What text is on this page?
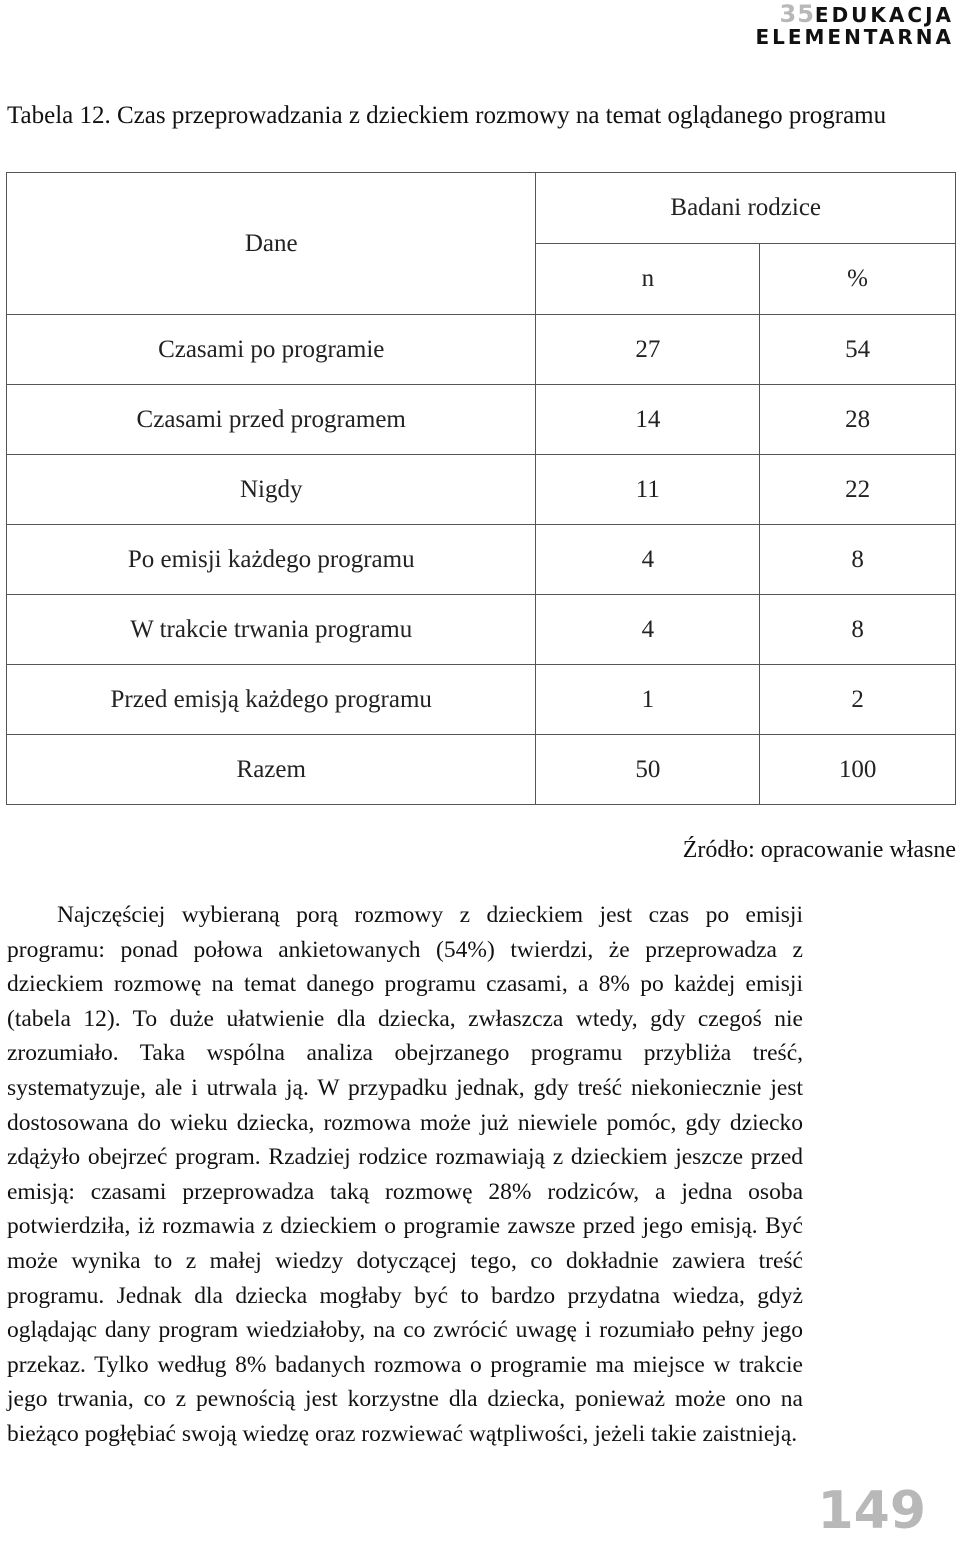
35EDUKACJA
ELEMENTARNA
Tabela 12. Czas przeprowadzania z dzieckiem rozmowy na temat oglądanego programu
Dane	Badani rodzice	
	n	%
Czasami po programie	27	54
Czasami przed programem	14	28
Nigdy	11	22
Po emisji każdego programu	4	8
W trakcie trwania programu	4	8
Przed emisją każdego programu	1	2
Razem	50	100
Źródło: opracowanie własne

Najczęściej wybieraną porą rozmowy z dzieckiem jest czas po emisji programu: ponad połowa ankietowanych (54%) twierdzi, że przeprowadza z dzieckiem rozmowę na temat danego programu czasami, a 8% po każdej emisji (tabela 12). To duże ułatwienie dla dziecka, zwłaszcza wtedy, gdy czegoś nie zrozumiało. Taka wspólna analiza obejrzanego programu przybliża treść, systematyzuje, ale i utrwala ją. W przypadku jednak, gdy treść niekoniecznie jest dostosowana do wieku dziecka, rozmowa może już niewiele pomóc, gdy dziecko zdążyło obejrzeć program. Rzadziej rodzice rozmawiają z dzieckiem jeszcze przed emisją: czasami przeprowadza taką rozmowę 28% rodziców, a jedna osoba potwierdziła, iż rozmawia z dzieckiem o programie zawsze przed jego emisją. Być może wynika to z małej wiedzy dotyczącej tego, co dokładnie zawiera treść programu. Jednak dla dziecka mogłaby być to bardzo przydatna wiedza, gdyż oglądając dany program wiedziałoby, na co zwrócić uwagę i rozumiało pełny jego przekaz. Tylko według 8% badanych rozmowa o programie ma miejsce w trakcie jego trwania, co z pewnością jest korzystne dla dziecka, ponieważ może ono na bieżąco pogłębiać swoją wiedzę oraz rozwiewać wątpliwości, jeżeli takie zaistnieją.

149
